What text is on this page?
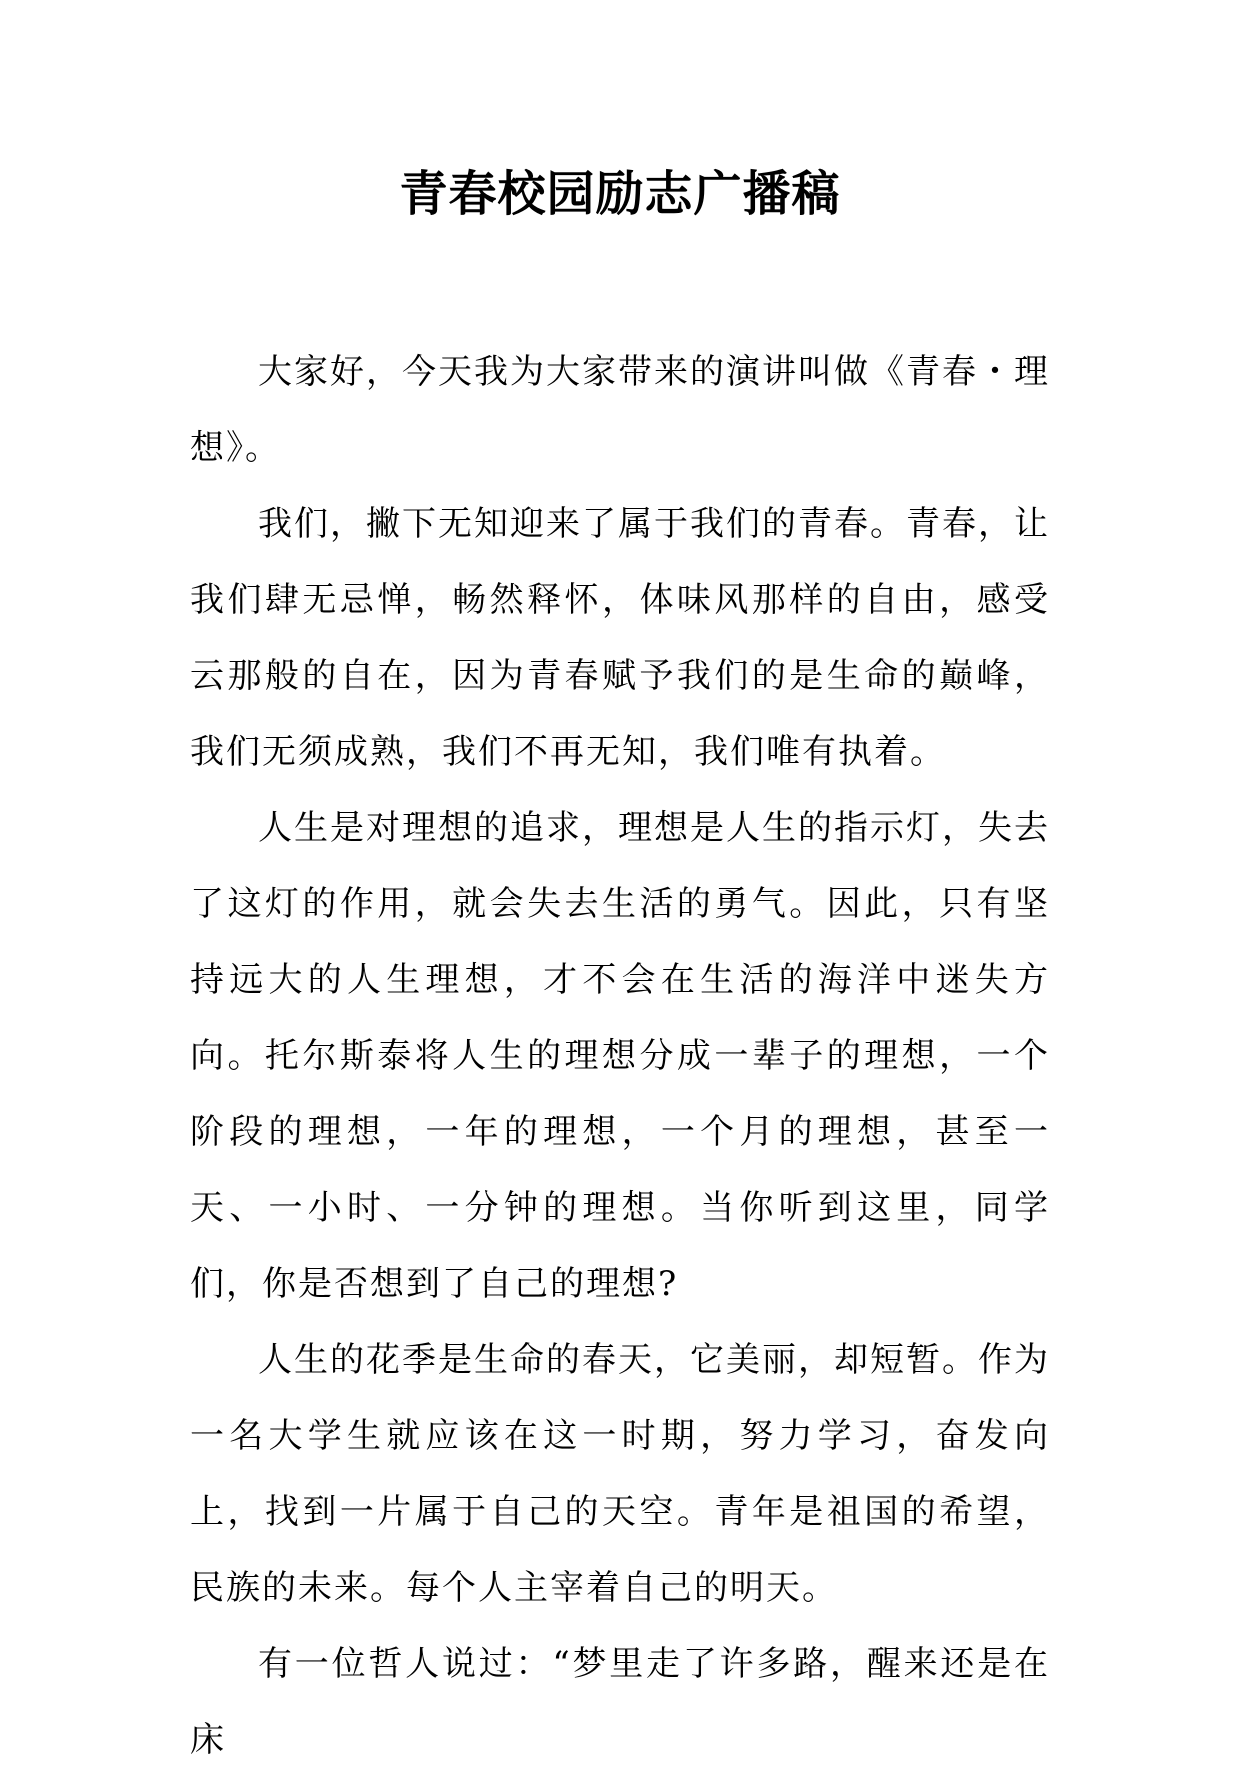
青春校园励志广播稿

大家好，今天我为大家带来的演讲叫做《青春・理想》。

我们，撇下无知迎来了属于我们的青春。青春，让我们肆无忌惮，畅然释怀，体味风那样的自由，感受云那般的自在，因为青春赋予我们的是生命的巅峰，我们无须成熟，我们不再无知，我们唯有执着。

人生是对理想的追求，理想是人生的指示灯，失去了这灯的作用，就会失去生活的勇气。因此，只有坚持远大的人生理想，才不会在生活的海洋中迷失方向。托尔斯泰将人生的理想分成一辈子的理想，一个阶段的理想，一年的理想，一个月的理想，甚至一天、一小时、一分钟的理想。当你听到这里，同学们，你是否想到了自己的理想?

人生的花季是生命的春天，它美丽，却短暂。作为一名大学生就应该在这一时期，努力学习，奋发向上，找到一片属于自己的天空。青年是祖国的希望，民族的未来。每个人主宰着自己的明天。

有一位哲人说过：“梦里走了许多路，醒来还是在床
